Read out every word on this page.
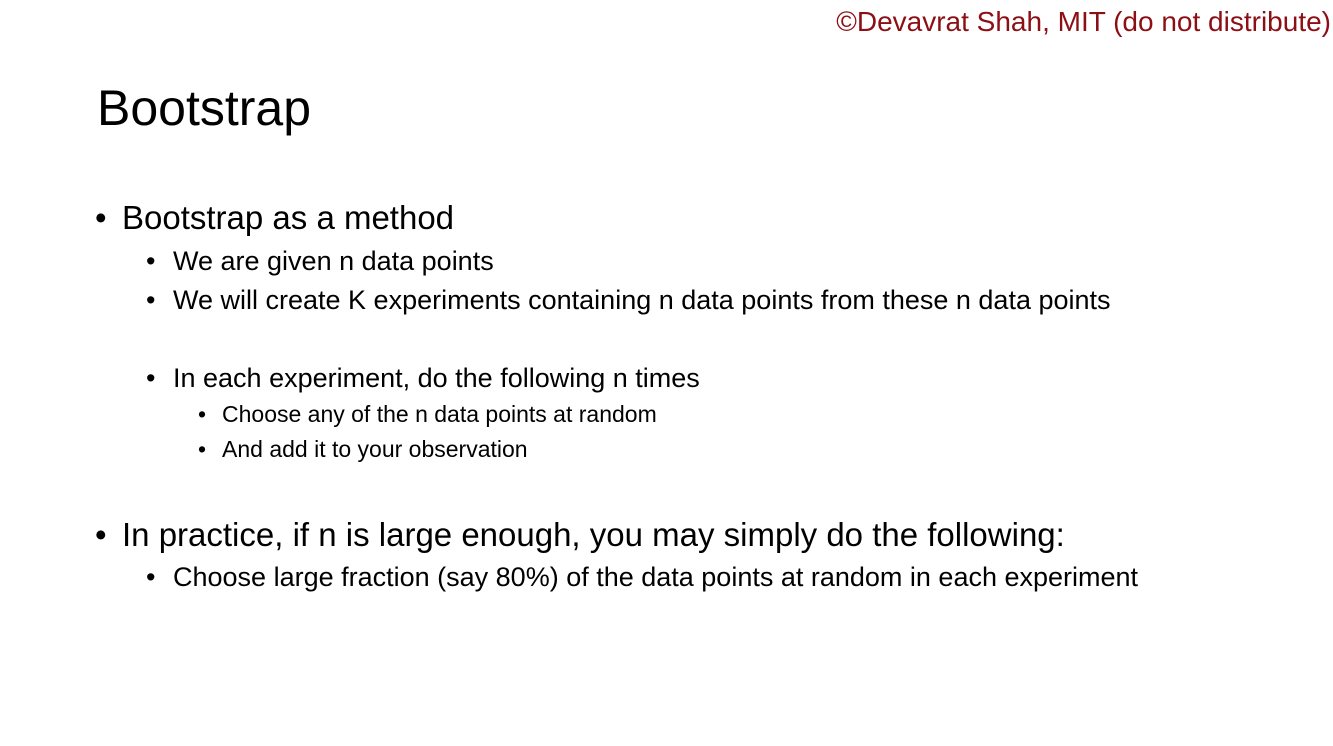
©Devavrat Shah, MIT (do not distribute)
Bootstrap
• Bootstrap as a method
• We are given n data points
• We will create K experiments containing n data points from these n data points
• In each experiment, do the following n times
• Choose any of the n data points at random
• And add it to your observation
• In practice, if n is large enough, you may simply do the following:
• Choose large fraction (say 80%) of the data points at random in each experiment
